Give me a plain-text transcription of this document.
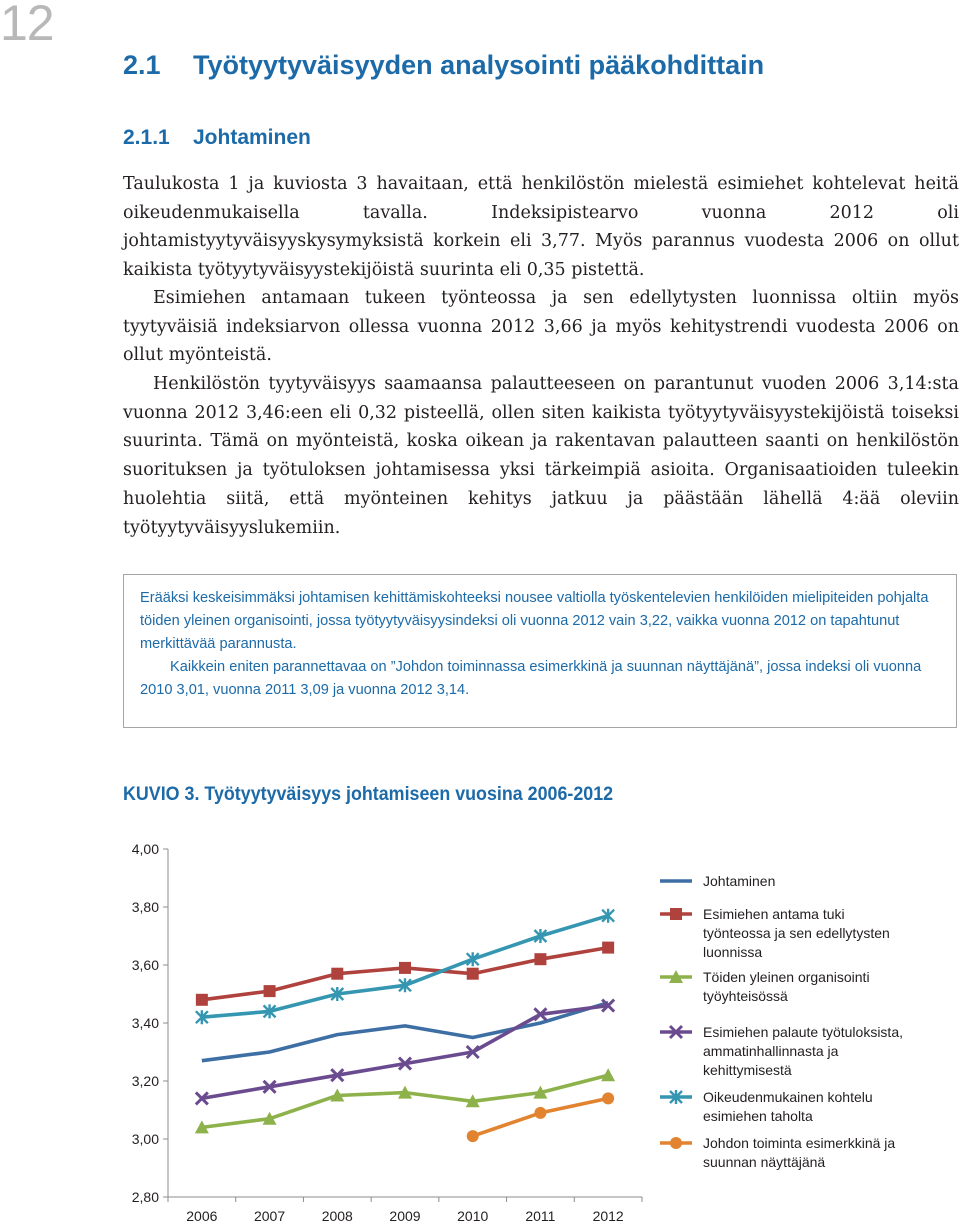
12
2.1 Työtyytyväisyyden analysointi pääkohdittain
2.1.1 Johtaminen

Taulukosta 1 ja kuviosta 3 havaitaan, että henkilöstön mielestä esimiehet kohtelevat heitä oikeudenmukaisella tavalla. Indeksipistearvo vuonna 2012 oli johtamistyytyväisyyskysymyksistä korkein eli 3,77. Myös parannus vuodesta 2006 on ollut kaikista työtyytyväisyystekijöistä suurinta eli 0,35 pistettä.

Esimiehen antamaan tukeen työnteossa ja sen edellytysten luonnissa oltiin myös tyytyväisiä indeksiarvon ollessa vuonna 2012 3,66 ja myös kehitystrendi vuodesta 2006 on ollut myönteistä.

Henkilöstön tyytyväisyys saamaansa palautteeseen on parantunut vuoden 2006 3,14:sta vuonna 2012 3,46:een eli 0,32 pisteellä, ollen siten kaikista työtyytyväisyystekijöistä toiseksi suurinta. Tämä on myönteistä, koska oikean ja rakentavan palautteen saanti on henkilöstön suorituksen ja työtuloksen johtamisessa yksi tärkeimpiä asioita. Organisaatioiden tuleekin huolehtia siitä, että myönteinen kehitys jatkuu ja päästään lähellä 4:ää oleviin työtyytyväisyyslukemiin.

Erääksi keskeisimmäksi johtamisen kehittämiskohteeksi nousee valtiolla työskentelevien henkilöiden mielipiteiden pohjalta töiden yleinen organisointi, jossa työtyytyväisyysindeksi oli vuonna 2012 vain 3,22, vaikka vuonna 2012 on tapahtunut merkittävää parannusta.

Kaikkein eniten parannettavaa on ”Johdon toiminnassa esimerkkinä ja suunnan näyttäjänä”, jossa indeksi oli vuonna 2010 3,01, vuonna 2011 3,09 ja vuonna 2012 3,14.

KUVIO 3. Työtyytyväisyys johtamiseen vuosina 2006-2012
2,80
3,00
3,20
3,40
3,60
3,80
4,00
2006	2007	2008	2009	2010	2011	2012
Johtaminen
Esimiehen antama tuki
työnteossa ja sen edellytysten
luonnissa
Töiden yleinen organisointi
työyhteisössä
Esimiehen palaute työtuloksista,
ammatinhallinnasta ja
kehittymisestä
Oikeudenmukainen kohtelu
esimiehen taholta
Johdon toiminta esimerkkinä ja
suunnan näyttäjänä
